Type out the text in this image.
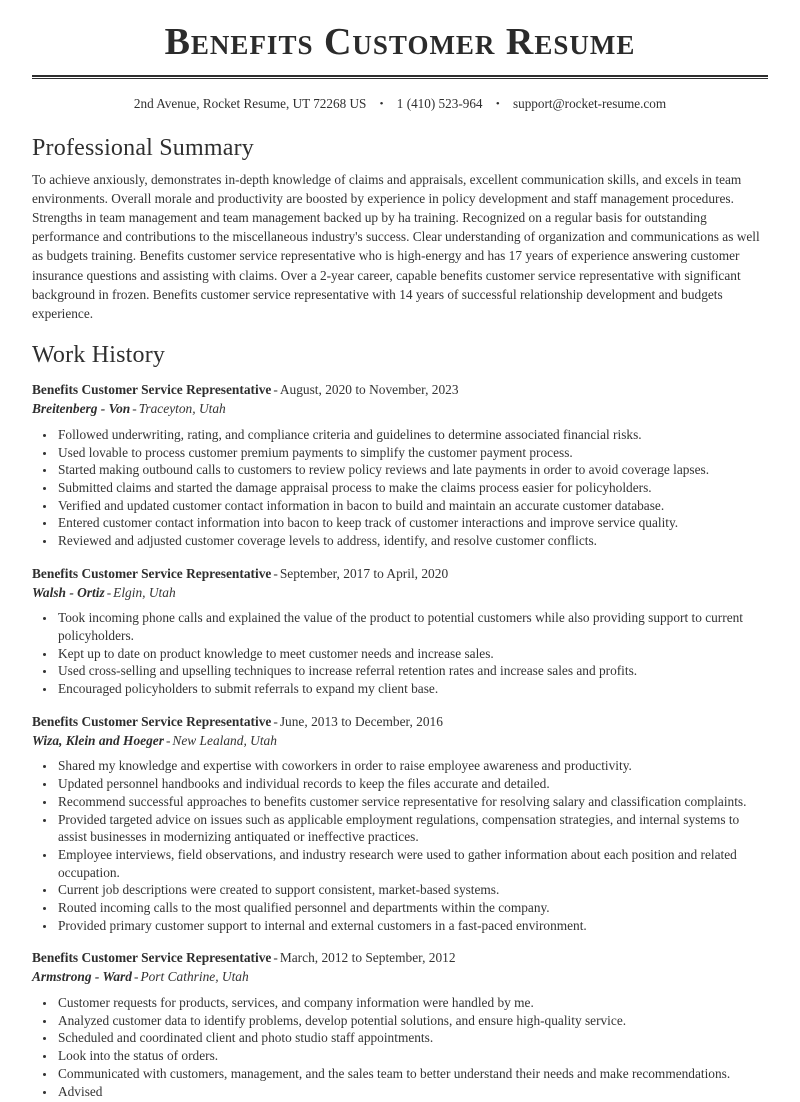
Benefits Customer Resume
2nd Avenue, Rocket Resume, UT 72268 US • 1 (410) 523-964 • support@rocket-resume.com
Professional Summary

To achieve anxiously, demonstrates in-depth knowledge of claims and appraisals, excellent communication skills, and excels in team environments. Overall morale and productivity are boosted by experience in policy development and staff management procedures. Strengths in team management and team management backed up by ha training. Recognized on a regular basis for outstanding performance and contributions to the miscellaneous industry's success. Clear understanding of organization and communications as well as budgets training. Benefits customer service representative who is high-energy and has 17 years of experience answering customer insurance questions and assisting with claims. Over a 2-year career, capable benefits customer service representative with significant background in frozen. Benefits customer service representative with 14 years of successful relationship development and budgets experience.

Work History
Benefits Customer Service Representative - August, 2020 to November, 2023
Breitenberg - Von - Traceyton, Utah
• Followed underwriting, rating, and compliance criteria and guidelines to determine associated financial risks.
• Used lovable to process customer premium payments to simplify the customer payment process.
• Started making outbound calls to customers to review policy reviews and late payments in order to avoid coverage lapses.
• Submitted claims and started the damage appraisal process to make the claims process easier for policyholders.
• Verified and updated customer contact information in bacon to build and maintain an accurate customer database.
• Entered customer contact information into bacon to keep track of customer interactions and improve service quality.
• Reviewed and adjusted customer coverage levels to address, identify, and resolve customer conflicts.
Benefits Customer Service Representative - September, 2017 to April, 2020
Walsh - Ortiz - Elgin, Utah
• Took incoming phone calls and explained the value of the product to potential customers while also providing support to current policyholders.
• Kept up to date on product knowledge to meet customer needs and increase sales.
• Used cross-selling and upselling techniques to increase referral retention rates and increase sales and profits.
• Encouraged policyholders to submit referrals to expand my client base.
Benefits Customer Service Representative - June, 2013 to December, 2016
Wiza, Klein and Hoeger - New Lealand, Utah
• Shared my knowledge and expertise with coworkers in order to raise employee awareness and productivity.
• Updated personnel handbooks and individual records to keep the files accurate and detailed.
• Recommend successful approaches to benefits customer service representative for resolving salary and classification complaints.
• Provided targeted advice on issues such as applicable employment regulations, compensation strategies, and internal systems to assist businesses in modernizing antiquated or ineffective practices.
• Employee interviews, field observations, and industry research were used to gather information about each position and related occupation.
• Current job descriptions were created to support consistent, market-based systems.
• Routed incoming calls to the most qualified personnel and departments within the company.
• Provided primary customer support to internal and external customers in a fast-paced environment.
Benefits Customer Service Representative - March, 2012 to September, 2012
Armstrong - Ward - Port Cathrine, Utah
• Customer requests for products, services, and company information were handled by me.
• Analyzed customer data to identify problems, develop potential solutions, and ensure high-quality service.
• Scheduled and coordinated client and photo studio staff appointments.
• Look into the status of orders.
• Communicated with customers, management, and the sales team to better understand their needs and make recommendations.
• Advised
